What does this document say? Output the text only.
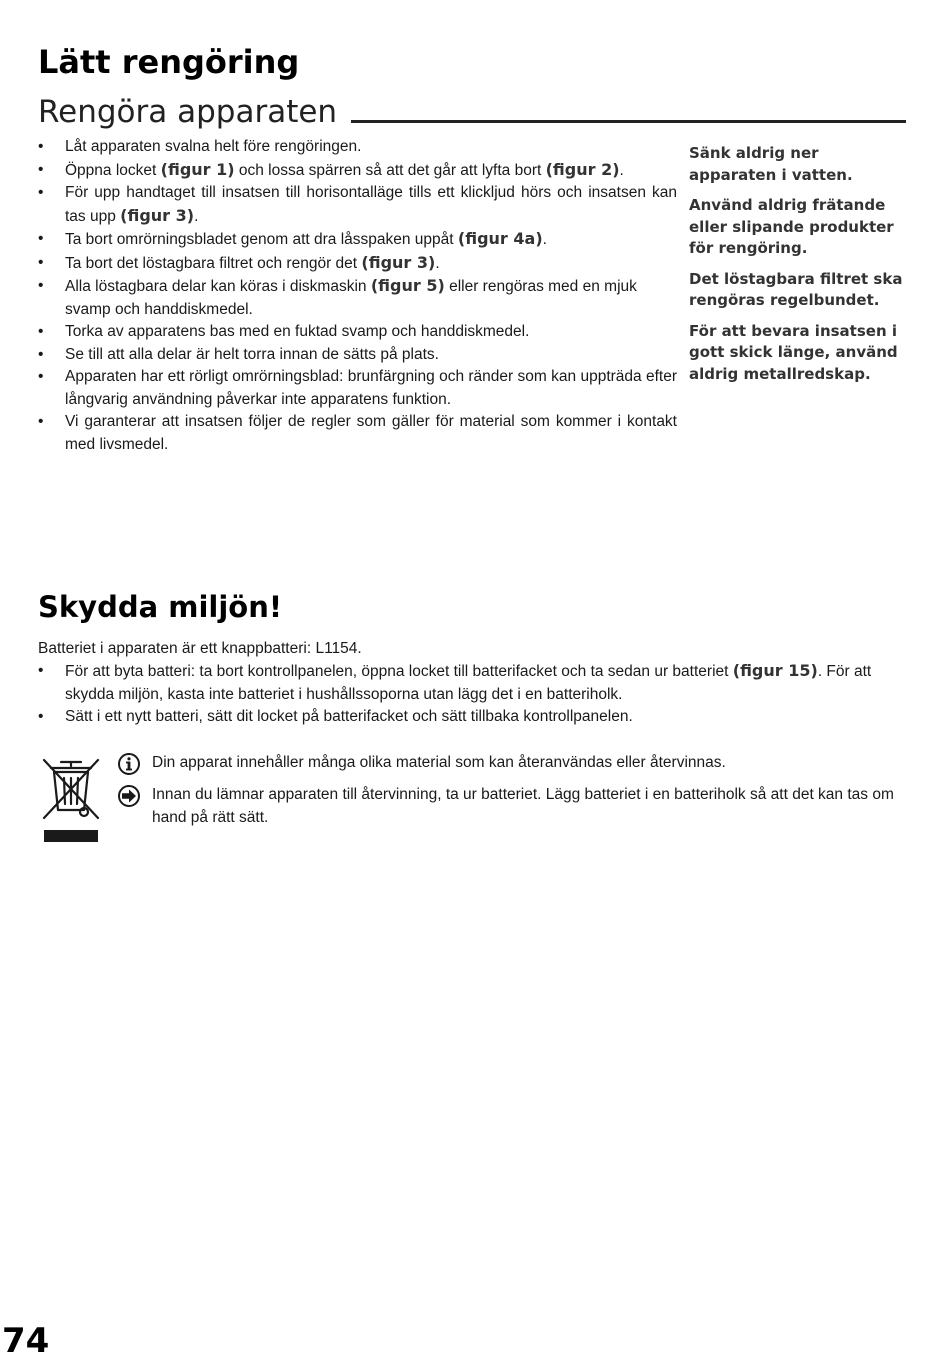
Lätt rengöring
Rengöra apparaten
• Låt apparaten svalna helt före rengöringen.
• Öppna locket (figur 1) och lossa spärren så att det går att lyfta bort (figur 2).
• För upp handtaget till insatsen till horisontalläge tills ett klickljud hörs och insatsen kan tas upp (figur 3).
• Ta bort omrörningsbladet genom att dra låsspaken uppåt (figur 4a).
• Ta bort det löstagbara filtret och rengör det (figur 3).
• Alla löstagbara delar kan köras i diskmaskin (figur 5) eller rengöras med en mjuk svamp och handdiskmedel.
• Torka av apparatens bas med en fuktad svamp och handdiskmedel.
• Se till att alla delar är helt torra innan de sätts på plats.
• Apparaten har ett rörligt omrörningsblad: brunfärgning och ränder som kan uppträda efter långvarig användning påverkar inte apparatens funktion.
• Vi garanterar att insatsen följer de regler som gäller för material som kommer i kontakt med livsmedel.

Sänk aldrig ner apparaten i vatten.

Använd aldrig frätande eller slipande produkter för rengöring.

Det löstagbara filtret ska rengöras regelbundet.

För att bevara insatsen i gott skick länge, använd aldrig metallredskap.

Skydda miljön!

Batteriet i apparaten är ett knappbatteri: L1154.

• För att byta batteri: ta bort kontrollpanelen, öppna locket till batterifacket och ta sedan ur batteriet (figur 15). För att skydda miljön, kasta inte batteriet i hushållssoporna utan lägg det i en batteriholk.
• Sätt i ett nytt batteri, sätt dit locket på batterifacket och sätt tillbaka kontrollpanelen.
Din apparat innehåller många olika material som kan återanvändas eller återvinnas.
Innan du lämnar apparaten till återvinning, ta ur batteriet. Lägg batteriet i en batteriholk så att det kan tas om hand på rätt sätt.
74
